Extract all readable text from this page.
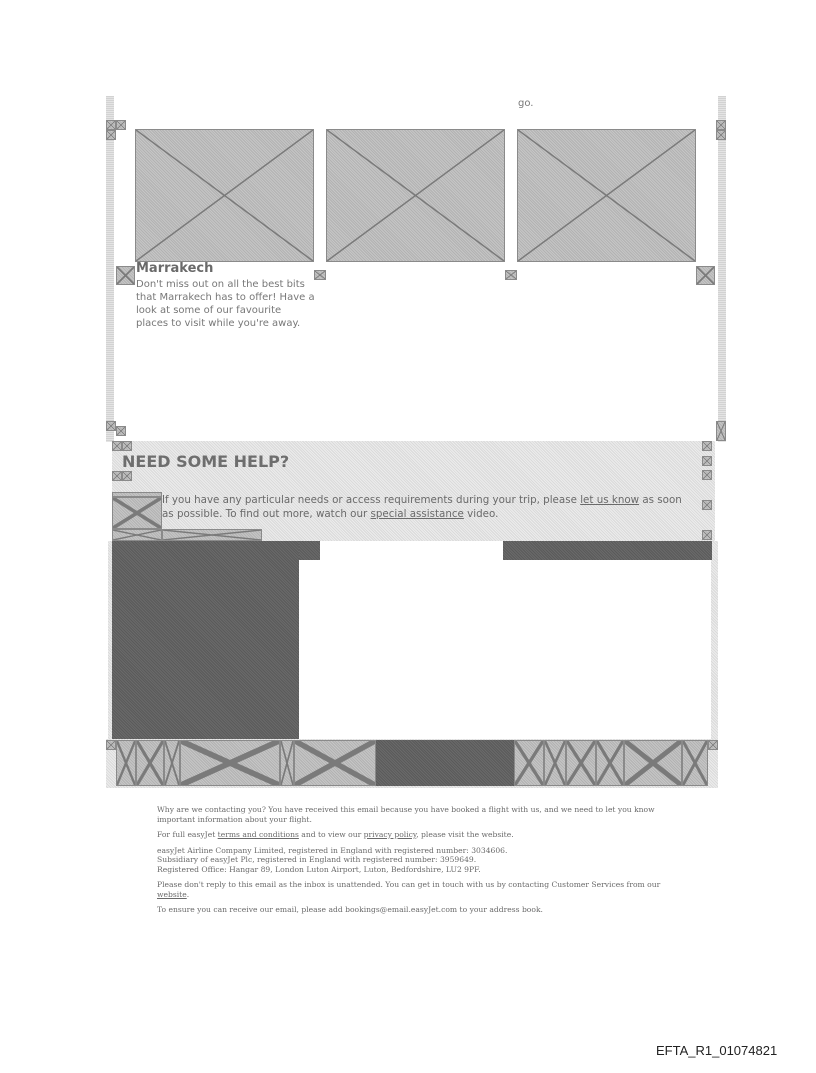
go.
Marrakech
Don't miss out on all the best bits that Marrakech has to offer! Have a look at some of our favourite places to visit while you're away.
NEED SOME HELP?
If you have any particular needs or access requirements during your trip, please let us know as soon as possible. To find out more, watch our special assistance video.

Why are we contacting you? You have received this email because you have booked a flight with us, and we need to let you know important information about your flight.

For full easyJet terms and conditions and to view our privacy policy, please visit the website.

easyJet Airline Company Limited, registered in England with registered number: 3034606.
Subsidiary of easyJet Plc, registered in England with registered number: 3959649.
Registered Office: Hangar 89, London Luton Airport, Luton, Bedfordshire, LU2 9PF.

Please don't reply to this email as the inbox is unattended. You can get in touch with us by contacting Customer Services from our website.

To ensure you can receive our email, please add bookings@email.easyJet.com to your address book.

EFTA_R1_01074821
